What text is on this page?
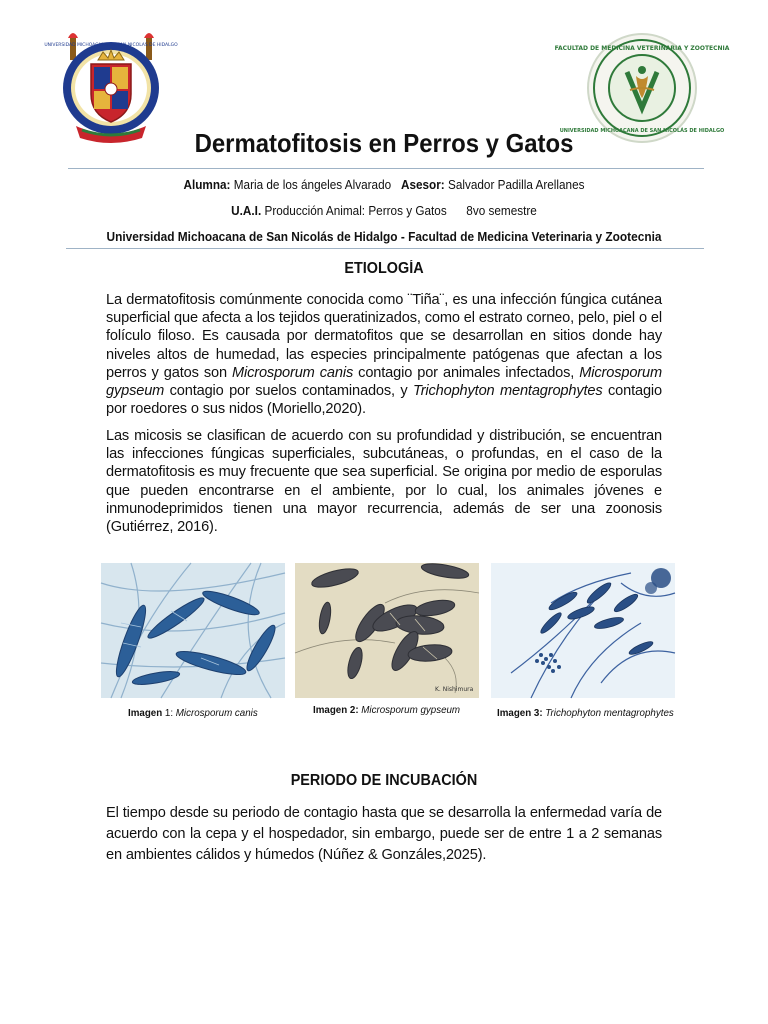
UNIVERSIDAD MICHOACANA DE SAN NICOLAS DE HIDALGO	FACULTAD DE MEDICINA VETERINARIA Y ZOOTECNIA
UNIVERSIDAD MICHOACANA DE SAN NICOLÁS DE HIDALGO
Dermatofitosis en Perros y Gatos
Alumna: Maria de los ángeles Alvarado Asesor: Salvador Padilla Arellanes
U.A.I. Producción Animal: Perros y Gatos 8vo semestre
Universidad Michoacana de San Nicolás de Hidalgo - Facultad de Medicina Veterinaria y Zootecnia
ETIOLOGÍA
La dermatofitosis comúnmente conocida como ¨Tiña¨, es una infección fúngica cutánea superficial que afecta a los tejidos queratinizados, como el estrato corneo, pelo, piel o el folículo filoso. Es causada por dermatofitos que se desarrollan en sitios donde hay niveles altos de humedad, las especies principalmente patógenas que afectan a los perros y gatos son Microsporum canis contagio por animales infectados, Microsporum gypseum contagio por suelos contaminados, y Trichophyton mentagrophytes contagio por roedores o sus nidos (Moriello,2020).
Las micosis se clasifican de acuerdo con su profundidad y distribución, se encuentran las infecciones fúngicas superficiales, subcutáneas, o profundas, en el caso de la dermatofitosis es muy frecuente que sea superficial. Se origina por medio de esporulas que pueden encontrarse en el ambiente, por lo cual, los animales jóvenes e inmunodeprimidos tienen una mayor recurrencia, además de ser una zoonosis (Gutiérrez, 2016).
Imagen 1: Microsporum canis
K. Nishimura
Imagen 2: Microsporum gypseum	Imagen 3: Trichophyton mentagrophytes
PERIODO DE INCUBACIÓN
El tiempo desde su periodo de contagio hasta que se desarrolla la enfermedad varía de acuerdo con la cepa y el hospedador, sin embargo, puede ser de entre 1 a 2 semanas en ambientes cálidos y húmedos (Núñez & Gonzáles,2025).
